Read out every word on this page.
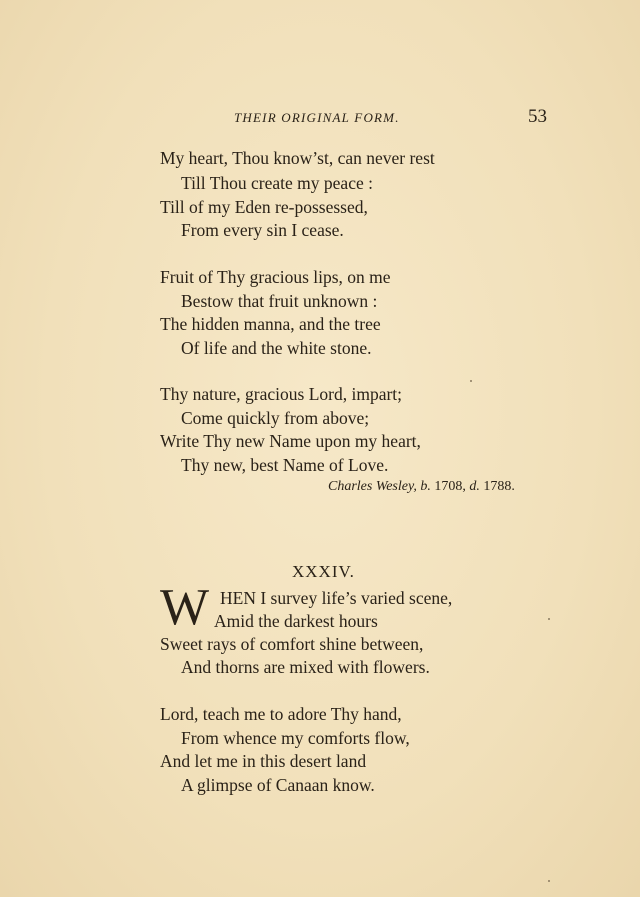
THEIR ORIGINAL FORM.	53
My heart, Thou know’st, can never rest
Till Thou create my peace :
Till of my Eden re-possessed,
From every sin I cease.
Fruit of Thy gracious lips, on me
Bestow that fruit unknown :
The hidden manna, and the tree
Of life and the white stone.
Thy nature, gracious Lord, impart;
Come quickly from above;
Write Thy new Name upon my heart,
Thy new, best Name of Love.
Charles Wesley, b. 1708, d. 1788.
XXXIV.
W HEN I survey life’s varied scene,
Amid the darkest hours
Sweet rays of comfort shine between,
And thorns are mixed with flowers.
Lord, teach me to adore Thy hand,
From whence my comforts flow,
And let me in this desert land
A glimpse of Canaan know.
